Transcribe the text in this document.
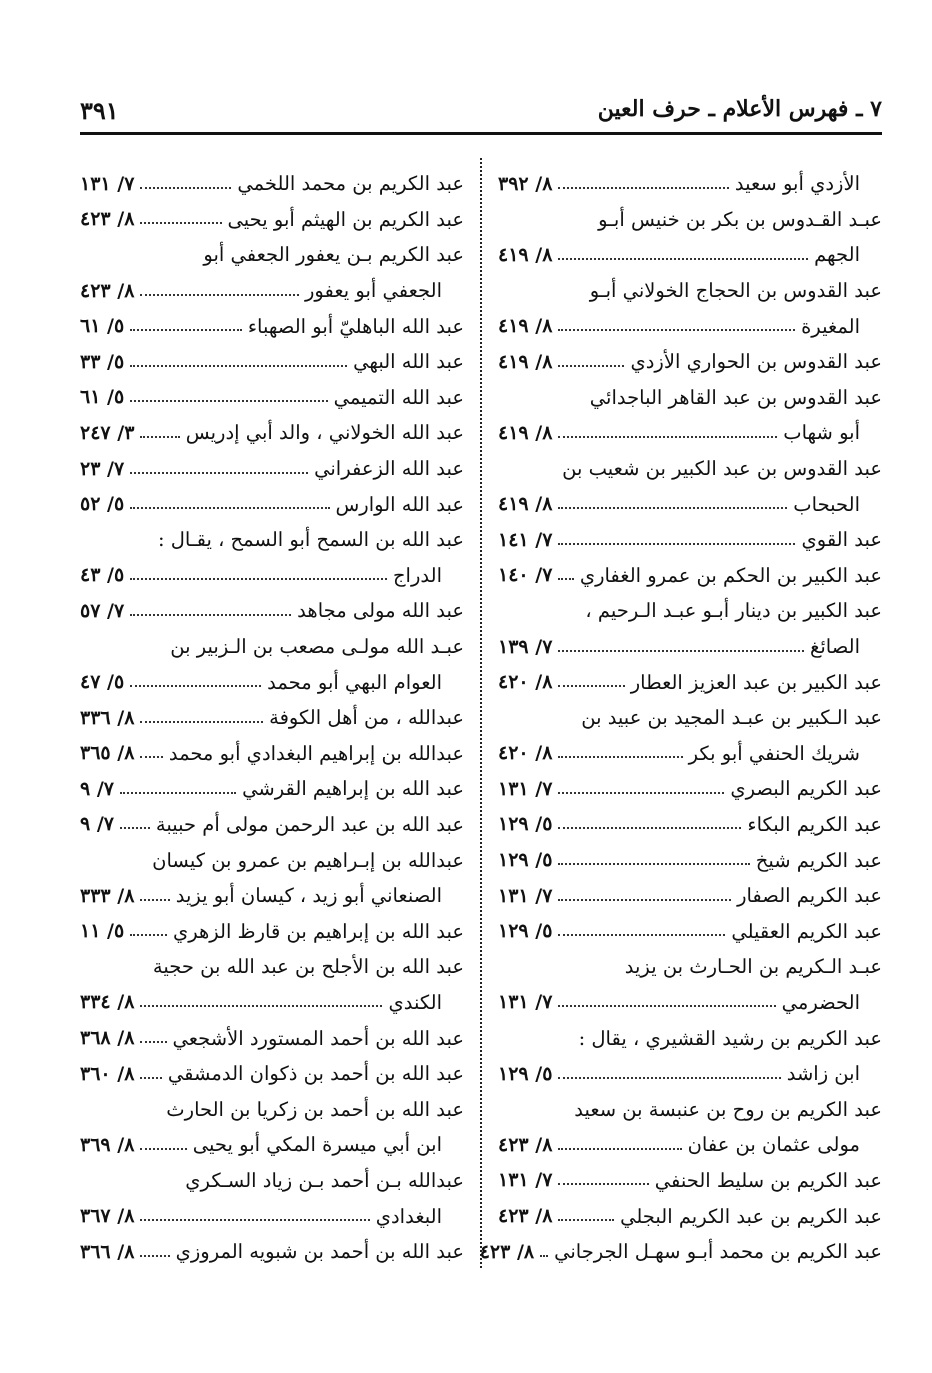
٧ ـ فهرس الأعلام ـ حرف العين
٣٩١
الأزدي أبو سعيد
٨/ ٣٩٢
عبـد القـدوس بن بكر بن خنيس أبـو
الجهم
٨/ ٤١٩
عبد القدوس بن الحجاج الخولاني أبـو
المغيرة
٨/ ٤١٩
عبد القدوس بن الحواري الأزدي
٨/ ٤١٩
عبد القدوس بن عبد القاهر الباجدائي
أبو شهاب
٨/ ٤١٩
عبد القدوس بن عبد الكبير بن شعيب بن
الحبحاب
٨/ ٤١٩
عبد القوي
٧/ ١٤١
عبد الكبير بن الحكم بن عمرو الغفاري
٧/ ١٤٠
عبد الكبير بن دينار أبـو عبـد الـرحيم ،
الصائغ
٧/ ١٣٩
عبد الكبير بن عبد العزيز العطار
٨/ ٤٢٠
عبد الـكبير بن عبـد المجيد بن عبيد بن
شريك الحنفي أبو بكر
٨/ ٤٢٠
عبد الكريم البصري
٧/ ١٣١
عبد الكريم البكاء
٥/ ١٢٩
عبد الكريم شيخ
٥/ ١٢٩
عبد الكريم الصفار
٧/ ١٣١
عبد الكريم العقيلي
٥/ ١٢٩
عبـد الـكريم بن الحـارث بن يزيد
الحضرمي
٧/ ١٣١
عبد الكريم بن رشيد القشيري ، يقال :
ابن زاشد
٥/ ١٢٩
عبد الكريم بن روح بن عنبسة بن سعيد
مولى عثمان بن عفان
٨/ ٤٢٣
عبد الكريم بن سليط الحنفي
٧/ ١٣١
عبد الكريم بن عبد الكريم البجلي
٨/ ٤٢٣
عبد الكريم بن محمد أبـو سهـل الجرجاني
٨/ ٤٢٣
عبد الكريم بن محمد اللخمي
٧/ ١٣١
عبد الكريم بن الهيثم أبو يحيى
٨/ ٤٢٣
عبد الكريم بـن يعفور الجعفي أبو
الجعفي أبو يعفور
٨/ ٤٢٣
عبد الله الباهليّ أبو الصهباء
٥/ ٦١
عبد الله البهي
٥/ ٣٣
عبد الله التميمي
٥/ ٦١
عبد الله الخولاني ، والد أبي إدريس
٣/ ٢٤٧
عبد الله الزعفراني
٧/ ٢٣
عبد الله الوارس
٥/ ٥٢
عبد الله بن السمح أبو السمح ، يقـال :
الدراج
٥/ ٤٣
عبد الله مولى مجاهد
٧/ ٥٧
عبـد الله مولـى مصعب بن الـزبير بن
العوام البهي أبو محمد
٥/ ٤٧
عبدالله ، من أهل الكوفة
٨/ ٣٣٦
عبدالله بن إبراهيم البغدادي أبو محمد
٨/ ٣٦٥
عبد الله بن إبراهيم القرشي
٧/ ٩
عبد الله بن عبد الرحمن مولى أم حبيبة
٧/ ٩
عبدالله بن إبـراهيم بن عمرو بن كيسان
الصنعاني أبو زيد ، كيسان أبو يزيد
٨/ ٣٣٣
عبد الله بن إبراهيم بن قارظ الزهري
٥/ ١١
عبد الله بن الأجلح بن عبد الله بن حجية
الكندي
٨/ ٣٣٤
عبد الله بن أحمد المستورد الأشجعي
٨/ ٣٦٨
عبد الله بن أحمد بن ذكوان الدمشقي
٨/ ٣٦٠
عبد الله بن أحمد بن زكريا بن الحارث
ابن أبي ميسرة المكي أبو يحيى
٨/ ٣٦٩
عبدالله بـن أحمد بـن زياد السـكري
البغدادي
٨/ ٣٦٧
عبد الله بن أحمد بن شبويه المروزي
٨/ ٣٦٦
